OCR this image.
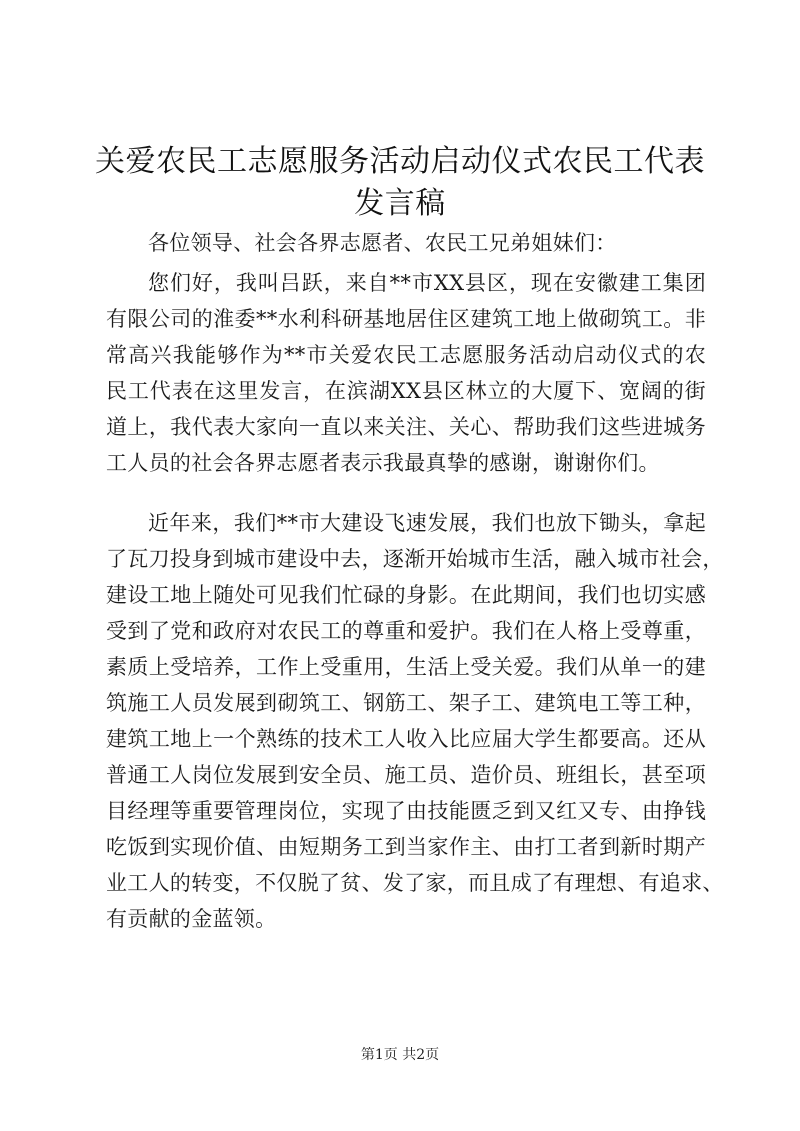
关爱农民工志愿服务活动启动仪式农民工代表
发言稿
各位领导、社会各界志愿者、农民工兄弟姐妹们：
您们好，我叫吕跃，来自**市XX县区，现在安徽建工集团
有限公司的淮委**水利科研基地居住区建筑工地上做砌筑工。非
常高兴我能够作为**市关爱农民工志愿服务活动启动仪式的农
民工代表在这里发言，在滨湖XX县区林立的大厦下、宽阔的街
道上，我代表大家向一直以来关注、关心、帮助我们这些进城务
工人员的社会各界志愿者表示我最真挚的感谢，谢谢你们。
近年来，我们**市大建设飞速发展，我们也放下锄头，拿起
了瓦刀投身到城市建设中去，逐渐开始城市生活，融入城市社会，
建设工地上随处可见我们忙碌的身影。在此期间，我们也切实感
受到了党和政府对农民工的尊重和爱护。我们在人格上受尊重，
素质上受培养，工作上受重用，生活上受关爱。我们从单一的建
筑施工人员发展到砌筑工、钢筋工、架子工、建筑电工等工种，
建筑工地上一个熟练的技术工人收入比应届大学生都要高。还从
普通工人岗位发展到安全员、施工员、造价员、班组长，甚至项
目经理等重要管理岗位，实现了由技能匮乏到又红又专、由挣钱
吃饭到实现价值、由短期务工到当家作主、由打工者到新时期产
业工人的转变，不仅脱了贫、发了家，而且成了有理想、有追求、
有贡献的金蓝领。
第1页 共2页
